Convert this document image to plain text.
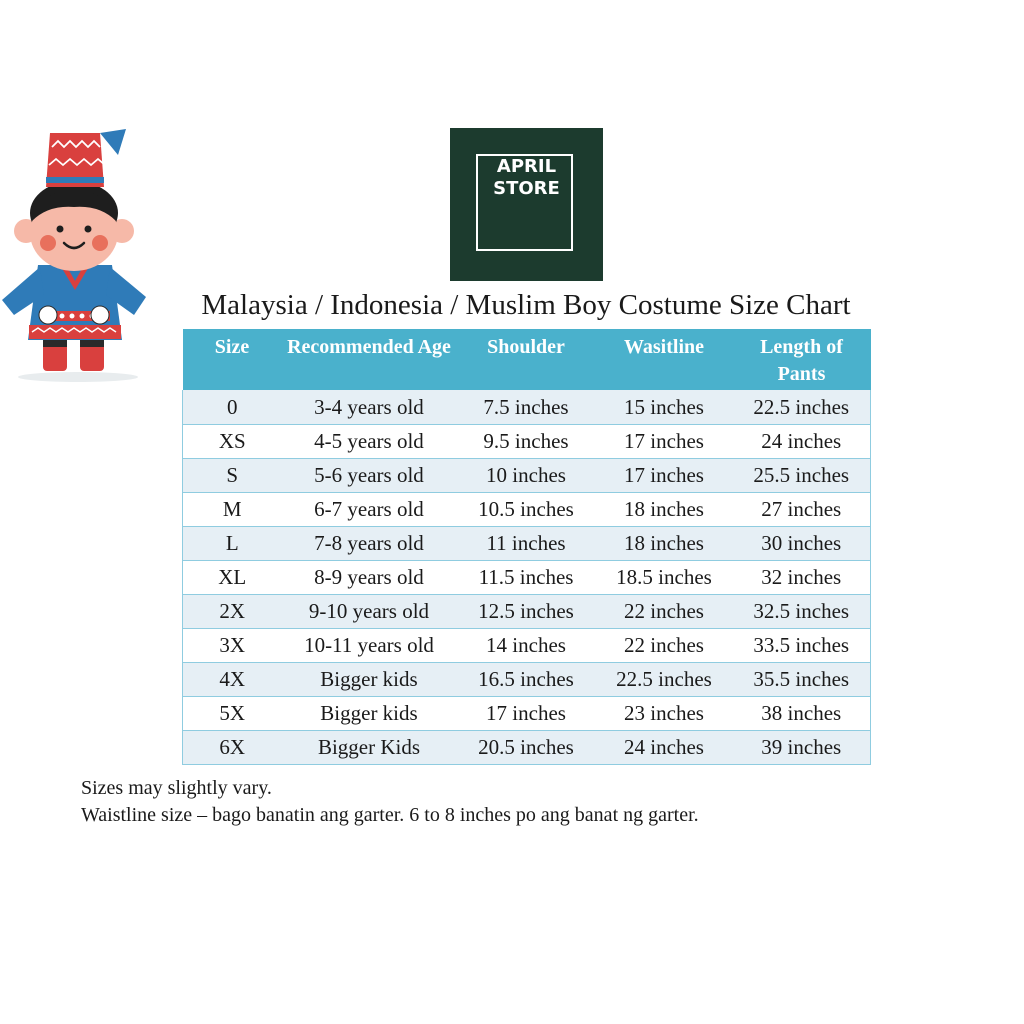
APRIL
STORE
Malaysia / Indonesia / Muslim Boy Costume Size Chart
Size	Recommended Age	Shoulder	Wasitline	Length of Pants
0	3-4 years old	7.5 inches	15 inches	22.5 inches
XS	4-5 years old	9.5 inches	17 inches	24 inches
S	5-6 years old	10 inches	17 inches	25.5 inches
M	6-7 years old	10.5 inches	18 inches	27 inches
L	7-8 years old	11 inches	18 inches	30 inches
XL	8-9 years old	11.5 inches	18.5 inches	32 inches
2X	9-10 years old	12.5 inches	22 inches	32.5 inches
3X	10-11 years old	14 inches	22 inches	33.5 inches
4X	Bigger kids	16.5 inches	22.5 inches	35.5 inches
5X	Bigger kids	17 inches	23 inches	38 inches
6X	Bigger Kids	20.5 inches	24 inches	39 inches
Sizes may slightly vary.
Waistline size – bago banatin ang garter. 6 to 8 inches po ang banat ng garter.
